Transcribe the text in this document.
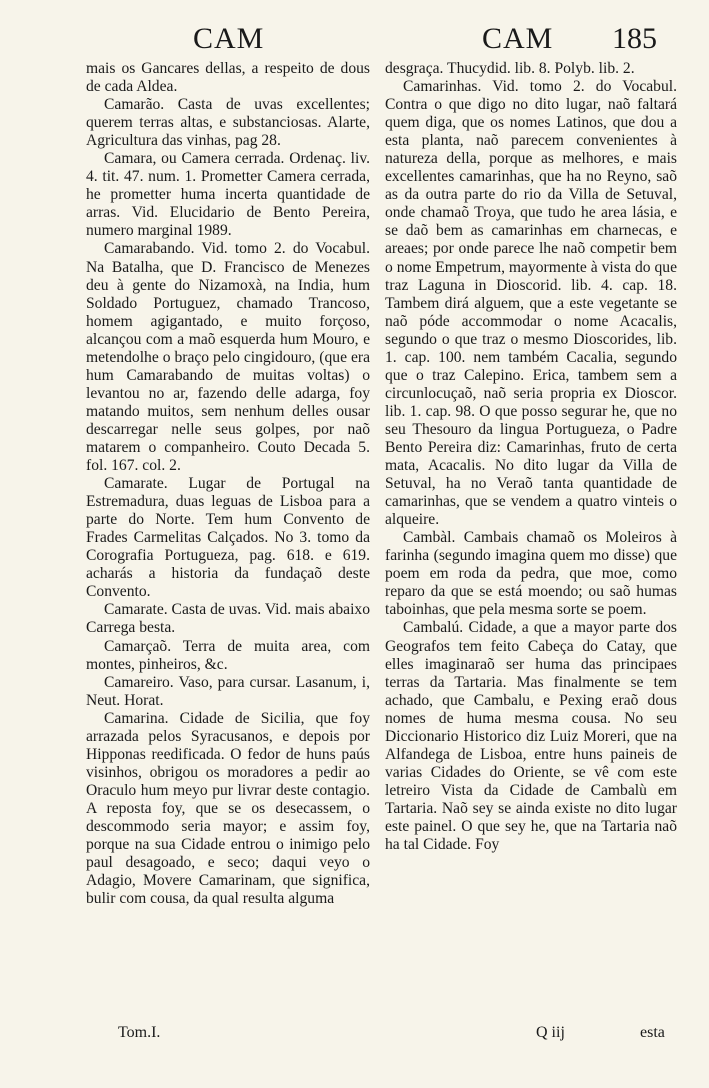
CAM	CAM 185

mais os Gancares dellas, a respeito de dous de cada Aldea.

Camarão. Casta de uvas excellentes; querem terras altas, e substanciosas. Alarte, Agricultura das vinhas, pag 28.

Camara, ou Camera cerrada. Ordenaç. liv. 4. tit. 47. num. 1. Prometter Camera cerrada, he prometter huma incerta quantidade de arras. Vid. Elucidario de Bento Pereira, numero marginal 1989.

Camarabando. Vid. tomo 2. do Vocabul. Na Batalha, que D. Francisco de Menezes deu à gente do Nizamoxà, na India, hum Soldado Portuguez, chamado Trancoso, homem agigantado, e muito forçoso, alcançou com a maõ esquerda hum Mouro, e metendolhe o braço pelo cingidouro, (que era hum Camarabando de muitas voltas) o levantou no ar, fazendo delle adarga, foy matando muitos, sem nenhum delles ousar descarregar nelle seus golpes, por naõ matarem o companheiro. Couto Decada 5. fol. 167. col. 2.

Camarate. Lugar de Portugal na Estremadura, duas leguas de Lisboa para a parte do Norte. Tem hum Convento de Frades Carmelitas Calçados. No 3. tomo da Corografia Portugueza, pag. 618. e 619. acharás a historia da fundaçaõ deste Convento.

Camarate. Casta de uvas. Vid. mais abaixo Carrega besta.

Camarçaõ. Terra de muita area, com montes, pinheiros, &c.

Camareiro. Vaso, para cursar. Lasanum, i, Neut. Horat.

Camarina. Cidade de Sicilia, que foy arrazada pelos Syracusanos, e depois por Hipponas reedificada. O fedor de huns paús visinhos, obrigou os moradores a pedir ao Oraculo hum meyo pur livrar deste contagio. A reposta foy, que se os desecassem, o descommodo seria mayor; e assim foy, porque na sua Cidade entrou o inimigo pelo paul desagoado, e seco; daqui veyo o Adagio, Movere Camarinam, que significa, bulir com cousa, da qual resulta alguma

desgraça. Thucydid. lib. 8. Polyb. lib. 2.

Camarinhas. Vid. tomo 2. do Vocabul. Contra o que digo no dito lugar, naõ faltará quem diga, que os nomes Latinos, que dou a esta planta, naõ parecem convenientes à natureza della, porque as melhores, e mais excellentes camarinhas, que ha no Reyno, saõ as da outra parte do rio da Villa de Setuval, onde chamaõ Troya, que tudo he area lásia, e se daõ bem as camarinhas em charnecas, e areaes; por onde parece lhe naõ competir bem o nome Empetrum, mayormente à vista do que traz Laguna in Dioscorid. lib. 4. cap. 18. Tambem dirá alguem, que a este vegetante se naõ póde accommodar o nome Acacalis, segundo o que traz o mesmo Dioscorides, lib. 1. cap. 100. nem também Cacalia, segundo que o traz Calepino. Erica, tambem sem a circunlocuçaõ, naõ seria propria ex Dioscor. lib. 1. cap. 98. O que posso segurar he, que no seu Thesouro da lingua Portugueza, o Padre Bento Pereira diz: Camarinhas, fruto de certa mata, Acacalis. No dito lugar da Villa de Setuval, ha no Veraõ tanta quantidade de camarinhas, que se vendem a quatro vinteis o alqueire.

Cambàl. Cambais chamaõ os Moleiros à farinha (segundo imagina quem mo disse) que poem em roda da pedra, que moe, como reparo da que se está moendo; ou saõ humas taboinhas, que pela mesma sorte se poem.

Cambalú. Cidade, a que a mayor parte dos Geografos tem feito Cabeça do Catay, que elles imaginaraõ ser huma das principaes terras da Tartaria. Mas finalmente se tem achado, que Cambalu, e Pexing eraõ dous nomes de huma mesma cousa. No seu Diccionario Historico diz Luiz Moreri, que na Alfandega de Lisboa, entre huns paineis de varias Cidades do Oriente, se vê com este letreiro Vista da Cidade de Cambalù em Tartaria. Naõ sey se ainda existe no dito lugar este painel. O que sey he, que na Tartaria naõ ha tal Cidade. Foy

Tom.I.	Q iij	esta
